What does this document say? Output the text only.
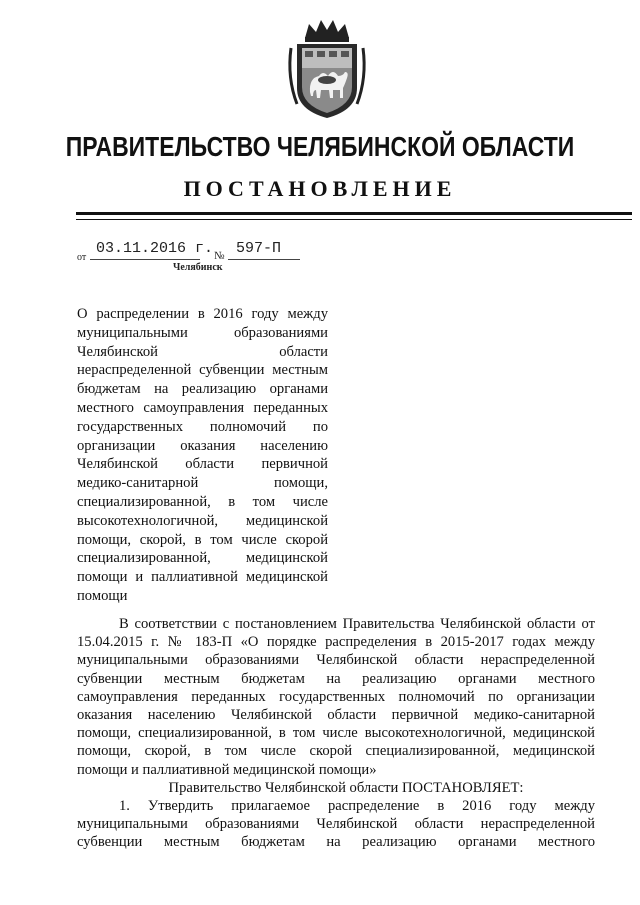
ПРАВИТЕЛЬСТВО ЧЕЛЯБИНСКОЙ ОБЛАСТИ
ПОСТАНОВЛЕНИЕ
от
03.11.2016 г. № 597-П
Челябинск
О распределении в 2016 году между
муниципальными образованиями
Челябинской области
нераспределенной субвенции местным
бюджетам на реализацию органами
местного самоуправления переданных
государственных полномочий по
организации оказания населению
Челябинской области первичной
медико-санитарной помощи,
специализированной, в том числе
высокотехнологичной, медицинской
помощи, скорой, в том числе скорой
специализированной, медицинской
помощи и паллиативной медицинской
помощи
В соответствии с постановлением Правительства Челябинской области от
15.04.2015 г. № 183-П «О порядке распределения в 2015-2017 годах между
муниципальными образованиями Челябинской области нераспределенной
субвенции местным бюджетам на реализацию органами местного
самоуправления переданных государственных полномочий по организации
оказания населению Челябинской области первичной медико-санитарной
помощи, специализированной, в том числе высокотехнологичной, медицинской
помощи, скорой, в том числе скорой специализированной, медицинской
помощи и паллиативной медицинской помощи»
Правительство Челябинской области ПОСТАНОВЛЯЕТ:
1. Утвердить прилагаемое распределение в 2016 году между
муниципальными образованиями Челябинской области нераспределенной
субвенции местным бюджетам на реализацию органами местного
